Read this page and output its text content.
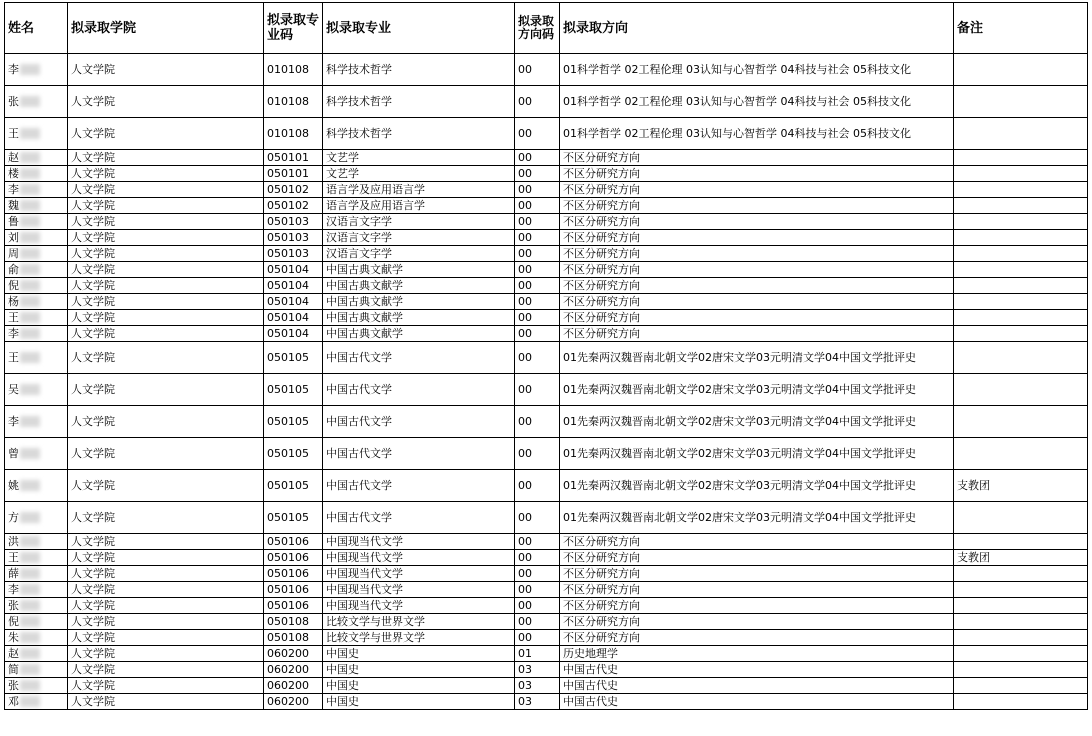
姓名	拟录取学院	拟录取专业码	拟录取专业	拟录取方向码	拟录取方向	备注
李	人文学院	010108	科学技术哲学	00	01科学哲学 02工程伦理 03认知与心智哲学 04科技与社会 05科技文化	
张	人文学院	010108	科学技术哲学	00	01科学哲学 02工程伦理 03认知与心智哲学 04科技与社会 05科技文化	
王	人文学院	010108	科学技术哲学	00	01科学哲学 02工程伦理 03认知与心智哲学 04科技与社会 05科技文化	
赵	人文学院	050101	文艺学	00	不区分研究方向	
楼	人文学院	050101	文艺学	00	不区分研究方向	
李	人文学院	050102	语言学及应用语言学	00	不区分研究方向	
魏	人文学院	050102	语言学及应用语言学	00	不区分研究方向	
鲁	人文学院	050103	汉语言文字学	00	不区分研究方向	
刘	人文学院	050103	汉语言文字学	00	不区分研究方向	
周	人文学院	050103	汉语言文字学	00	不区分研究方向	
俞	人文学院	050104	中国古典文献学	00	不区分研究方向	
倪	人文学院	050104	中国古典文献学	00	不区分研究方向	
杨	人文学院	050104	中国古典文献学	00	不区分研究方向	
王	人文学院	050104	中国古典文献学	00	不区分研究方向	
李	人文学院	050104	中国古典文献学	00	不区分研究方向	
王	人文学院	050105	中国古代文学	00	01先秦两汉魏晋南北朝文学02唐宋文学03元明清文学04中国文学批评史	
吴	人文学院	050105	中国古代文学	00	01先秦两汉魏晋南北朝文学02唐宋文学03元明清文学04中国文学批评史	
李	人文学院	050105	中国古代文学	00	01先秦两汉魏晋南北朝文学02唐宋文学03元明清文学04中国文学批评史	
曾	人文学院	050105	中国古代文学	00	01先秦两汉魏晋南北朝文学02唐宋文学03元明清文学04中国文学批评史	
姚	人文学院	050105	中国古代文学	00	01先秦两汉魏晋南北朝文学02唐宋文学03元明清文学04中国文学批评史	支教团
方	人文学院	050105	中国古代文学	00	01先秦两汉魏晋南北朝文学02唐宋文学03元明清文学04中国文学批评史	
洪	人文学院	050106	中国现当代文学	00	不区分研究方向	
王	人文学院	050106	中国现当代文学	00	不区分研究方向	支教团
薛	人文学院	050106	中国现当代文学	00	不区分研究方向	
李	人文学院	050106	中国现当代文学	00	不区分研究方向	
张	人文学院	050106	中国现当代文学	00	不区分研究方向	
倪	人文学院	050108	比较文学与世界文学	00	不区分研究方向	
朱	人文学院	050108	比较文学与世界文学	00	不区分研究方向	
赵	人文学院	060200	中国史	01	历史地理学	
简	人文学院	060200	中国史	03	中国古代史	
张	人文学院	060200	中国史	03	中国古代史	
邓	人文学院	060200	中国史	03	中国古代史	
